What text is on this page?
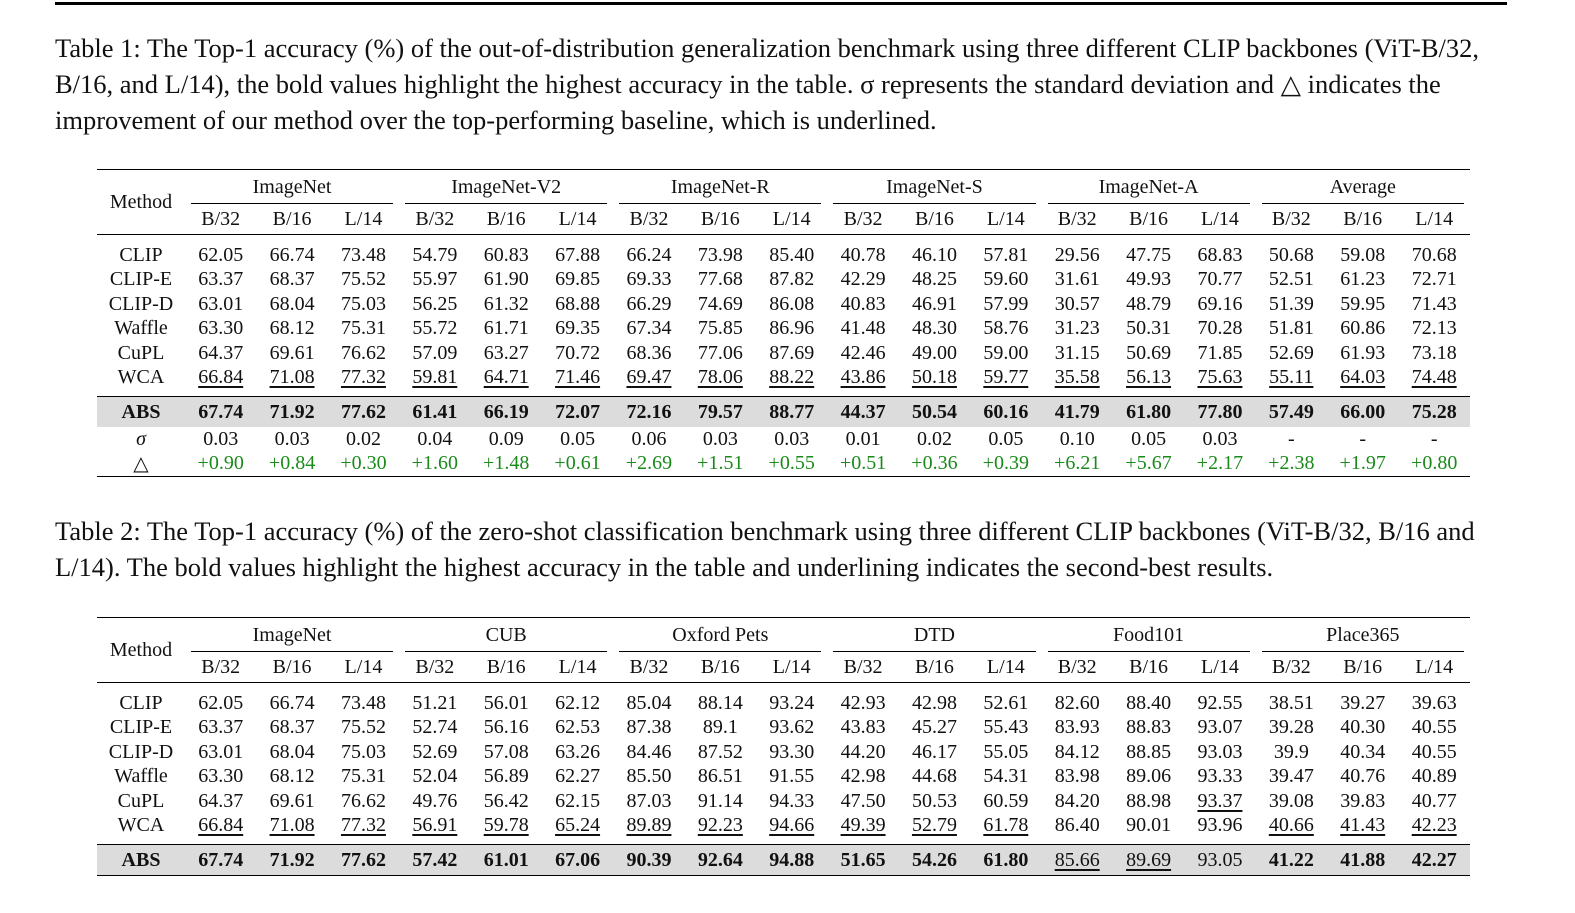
Table 1: The Top-1 accuracy (%) of the out-of-distribution generalization benchmark using three different CLIP backbones (ViT-B/32, B/16, and L/14), the bold values highlight the highest accuracy in the table. σ represents the standard deviation and △ indicates the improvement of our method over the top-performing baseline, which is underlined.
Method	ImageNet			ImageNet-V2			ImageNet-R			ImageNet-S			ImageNet-A			Average		
	B/32	B/16	L/14	B/32	B/16	L/14	B/32	B/16	L/14	B/32	B/16	L/14	B/32	B/16	L/14	B/32	B/16	L/14
CLIP	62.05	66.74	73.48	54.79	60.83	67.88	66.24	73.98	85.40	40.78	46.10	57.81	29.56	47.75	68.83	50.68	59.08	70.68
CLIP-E	63.37	68.37	75.52	55.97	61.90	69.85	69.33	77.68	87.82	42.29	48.25	59.60	31.61	49.93	70.77	52.51	61.23	72.71
CLIP-D	63.01	68.04	75.03	56.25	61.32	68.88	66.29	74.69	86.08	40.83	46.91	57.99	30.57	48.79	69.16	51.39	59.95	71.43
Waffle	63.30	68.12	75.31	55.72	61.71	69.35	67.34	75.85	86.96	41.48	48.30	58.76	31.23	50.31	70.28	51.81	60.86	72.13
CuPL	64.37	69.61	76.62	57.09	63.27	70.72	68.36	77.06	87.69	42.46	49.00	59.00	31.15	50.69	71.85	52.69	61.93	73.18
WCA	66.84	71.08	77.32	59.81	64.71	71.46	69.47	78.06	88.22	43.86	50.18	59.77	35.58	56.13	75.63	55.11	64.03	74.48
ABS	67.74	71.92	77.62	61.41	66.19	72.07	72.16	79.57	88.77	44.37	50.54	60.16	41.79	61.80	77.80	57.49	66.00	75.28
σ	0.03	0.03	0.02	0.04	0.09	0.05	0.06	0.03	0.03	0.01	0.02	0.05	0.10	0.05	0.03	-	-	-
△	+0.90	+0.84	+0.30	+1.60	+1.48	+0.61	+2.69	+1.51	+0.55	+0.51	+0.36	+0.39	+6.21	+5.67	+2.17	+2.38	+1.97	+0.80
Table 2: The Top-1 accuracy (%) of the zero-shot classification benchmark using three different CLIP backbones (ViT-B/32, B/16 and L/14). The bold values highlight the highest accuracy in the table and underlining indicates the second-best results.
Method	ImageNet			CUB			Oxford Pets			DTD			Food101			Place365		
	B/32	B/16	L/14	B/32	B/16	L/14	B/32	B/16	L/14	B/32	B/16	L/14	B/32	B/16	L/14	B/32	B/16	L/14
CLIP	62.05	66.74	73.48	51.21	56.01	62.12	85.04	88.14	93.24	42.93	42.98	52.61	82.60	88.40	92.55	38.51	39.27	39.63
CLIP-E	63.37	68.37	75.52	52.74	56.16	62.53	87.38	89.1	93.62	43.83	45.27	55.43	83.93	88.83	93.07	39.28	40.30	40.55
CLIP-D	63.01	68.04	75.03	52.69	57.08	63.26	84.46	87.52	93.30	44.20	46.17	55.05	84.12	88.85	93.03	39.9	40.34	40.55
Waffle	63.30	68.12	75.31	52.04	56.89	62.27	85.50	86.51	91.55	42.98	44.68	54.31	83.98	89.06	93.33	39.47	40.76	40.89
CuPL	64.37	69.61	76.62	49.76	56.42	62.15	87.03	91.14	94.33	47.50	50.53	60.59	84.20	88.98	93.37	39.08	39.83	40.77
WCA	66.84	71.08	77.32	56.91	59.78	65.24	89.89	92.23	94.66	49.39	52.79	61.78	86.40	90.01	93.96	40.66	41.43	42.23
ABS	67.74	71.92	77.62	57.42	61.01	67.06	90.39	92.64	94.88	51.65	54.26	61.80	85.66	89.69	93.05	41.22	41.88	42.27
